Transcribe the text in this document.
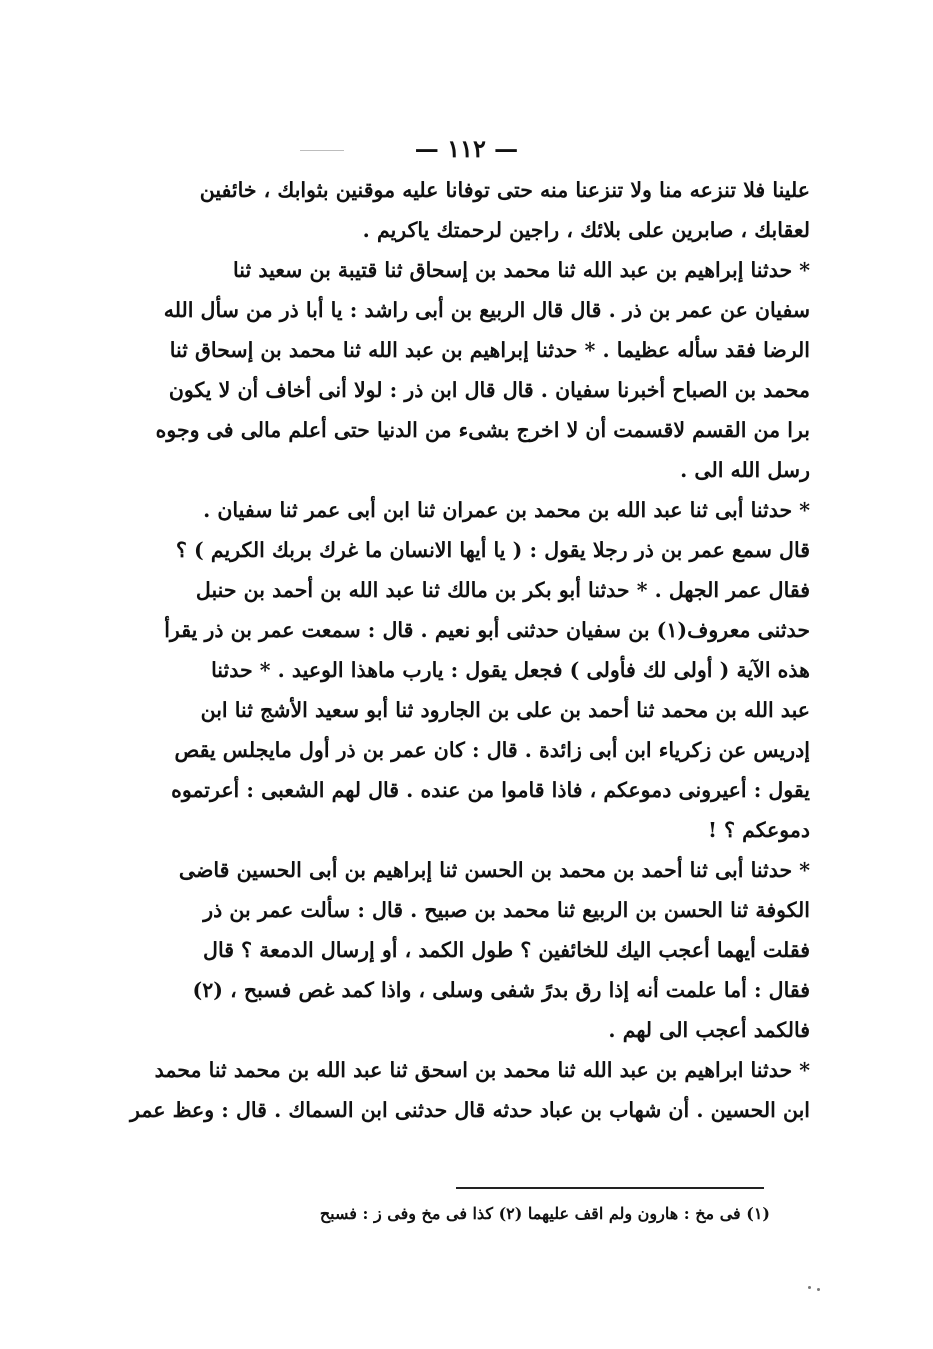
— ١١٢ —
علينا فلا تنزعه منا ولا تنزعنا منه حتى توفانا عليه موقنين بثوابك ، خائفين
لعقابك ، صابرين على بلائك ، راجين لرحمتك ياكريم .
* حدثنا إبراهيم بن عبد الله ثنا محمد بن إسحاق ثنا قتيبة بن سعيد ثنا
سفيان عن عمر بن ذر . قال قال الربيع بن أبى راشد : يا أبا ذر من سأل الله
الرضا فقد سأله عظيما . * حدثنا إبراهيم بن عبد الله ثنا محمد بن إسحاق ثنا
محمد بن الصباح أخبرنا سفيان . قال قال ابن ذر : لولا أنى أخاف أن لا يكون
برا من القسم لاقسمت أن لا اخرج بشىء من الدنيا حتى أعلم مالى فى وجوه
رسل الله الى .
* حدثنا أبى ثنا عبد الله بن محمد بن عمران ثنا ابن أبى عمر ثنا سفيان .
قال سمع عمر بن ذر رجلا يقول : ( يا أيها الانسان ما غرك بربك الكريم ) ؟
فقال عمر الجهل . * حدثنا أبو بكر بن مالك ثنا عبد الله بن أحمد بن حنبل
حدثنى معروف(١) بن سفيان حدثنى أبو نعيم . قال : سمعت عمر بن ذر يقرأ
هذه الآية ( أولى لك فأولى ) فجعل يقول : يارب ماهذا الوعيد . * حدثنا
عبد الله بن محمد ثنا أحمد بن على بن الجارود ثنا أبو سعيد الأشج ثنا ابن
إدريس عن زكرياء ابن أبى زائدة . قال : كان عمر بن ذر أول مايجلس يقص
يقول : أعيرونى دموعكم ، فاذا قاموا من عنده . قال لهم الشعبى : أعرتموه
دموعكم ؟ !
* حدثنا أبى ثنا أحمد بن محمد بن الحسن ثنا إبراهيم بن أبى الحسين قاضى
الكوفة ثنا الحسن بن الربيع ثنا محمد بن صبيح . قال : سألت عمر بن ذر
فقلت أيهما أعجب اليك للخائفين ؟ طول الكمد ، أو إرسال الدمعة ؟ قال
فقال : أما علمت أنه إذا رق بدرً شفى وسلى ، واذا كمد غص فسبح ، (٢)
فالكمد أعجب الى لهم .
* حدثنا ابراهيم بن عبد الله ثنا محمد بن اسحق ثنا عبد الله بن محمد ثنا محمد
ابن الحسين . أن شهاب بن عباد حدثه قال حدثنى ابن السماك . قال : وعظ عمر
(١) فى مخ : هارون ولم اقف عليهما (٢) كذا فى مخ وفى ز : فسبح
